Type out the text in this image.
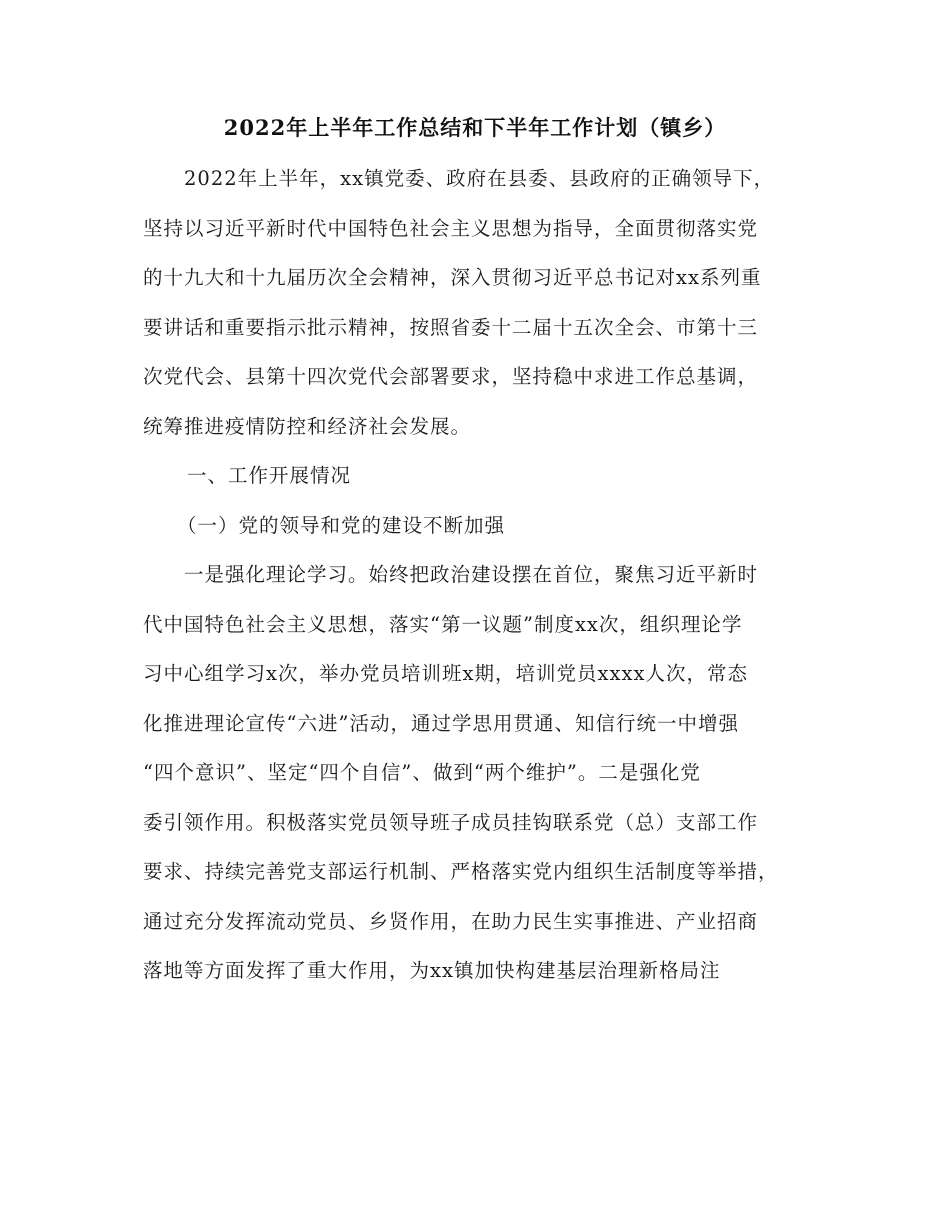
2022年上半年工作总结和下半年工作计划（镇乡）
2022年上半年，xx镇党委、政府在县委、县政府的正确领导下，
坚持以习近平新时代中国特色社会主义思想为指导，全面贯彻落实党
的十九大和十九届历次全会精神，深入贯彻习近平总书记对xx系列重
要讲话和重要指示批示精神，按照省委十二届十五次全会、市第十三
次党代会、县第十四次党代会部署要求，坚持稳中求进工作总基调，
统筹推进疫情防控和经济社会发展。
一、工作开展情况
（一）党的领导和党的建设不断加强
一是强化理论学习。始终把政治建设摆在首位，聚焦习近平新时
代中国特色社会主义思想，落实“第一议题”制度xx次，组织理论学
习中心组学习x次，举办党员培训班x期，培训党员xxxx人次，常态
化推进理论宣传“六进”活动，通过学思用贯通、知信行统一中增强
“四个意识”、坚定“四个自信”、做到“两个维护”。二是强化党
委引领作用。积极落实党员领导班子成员挂钩联系党（总）支部工作
要求、持续完善党支部运行机制、严格落实党内组织生活制度等举措，
通过充分发挥流动党员、乡贤作用，在助力民生实事推进、产业招商
落地等方面发挥了重大作用，为xx镇加快构建基层治理新格局注
